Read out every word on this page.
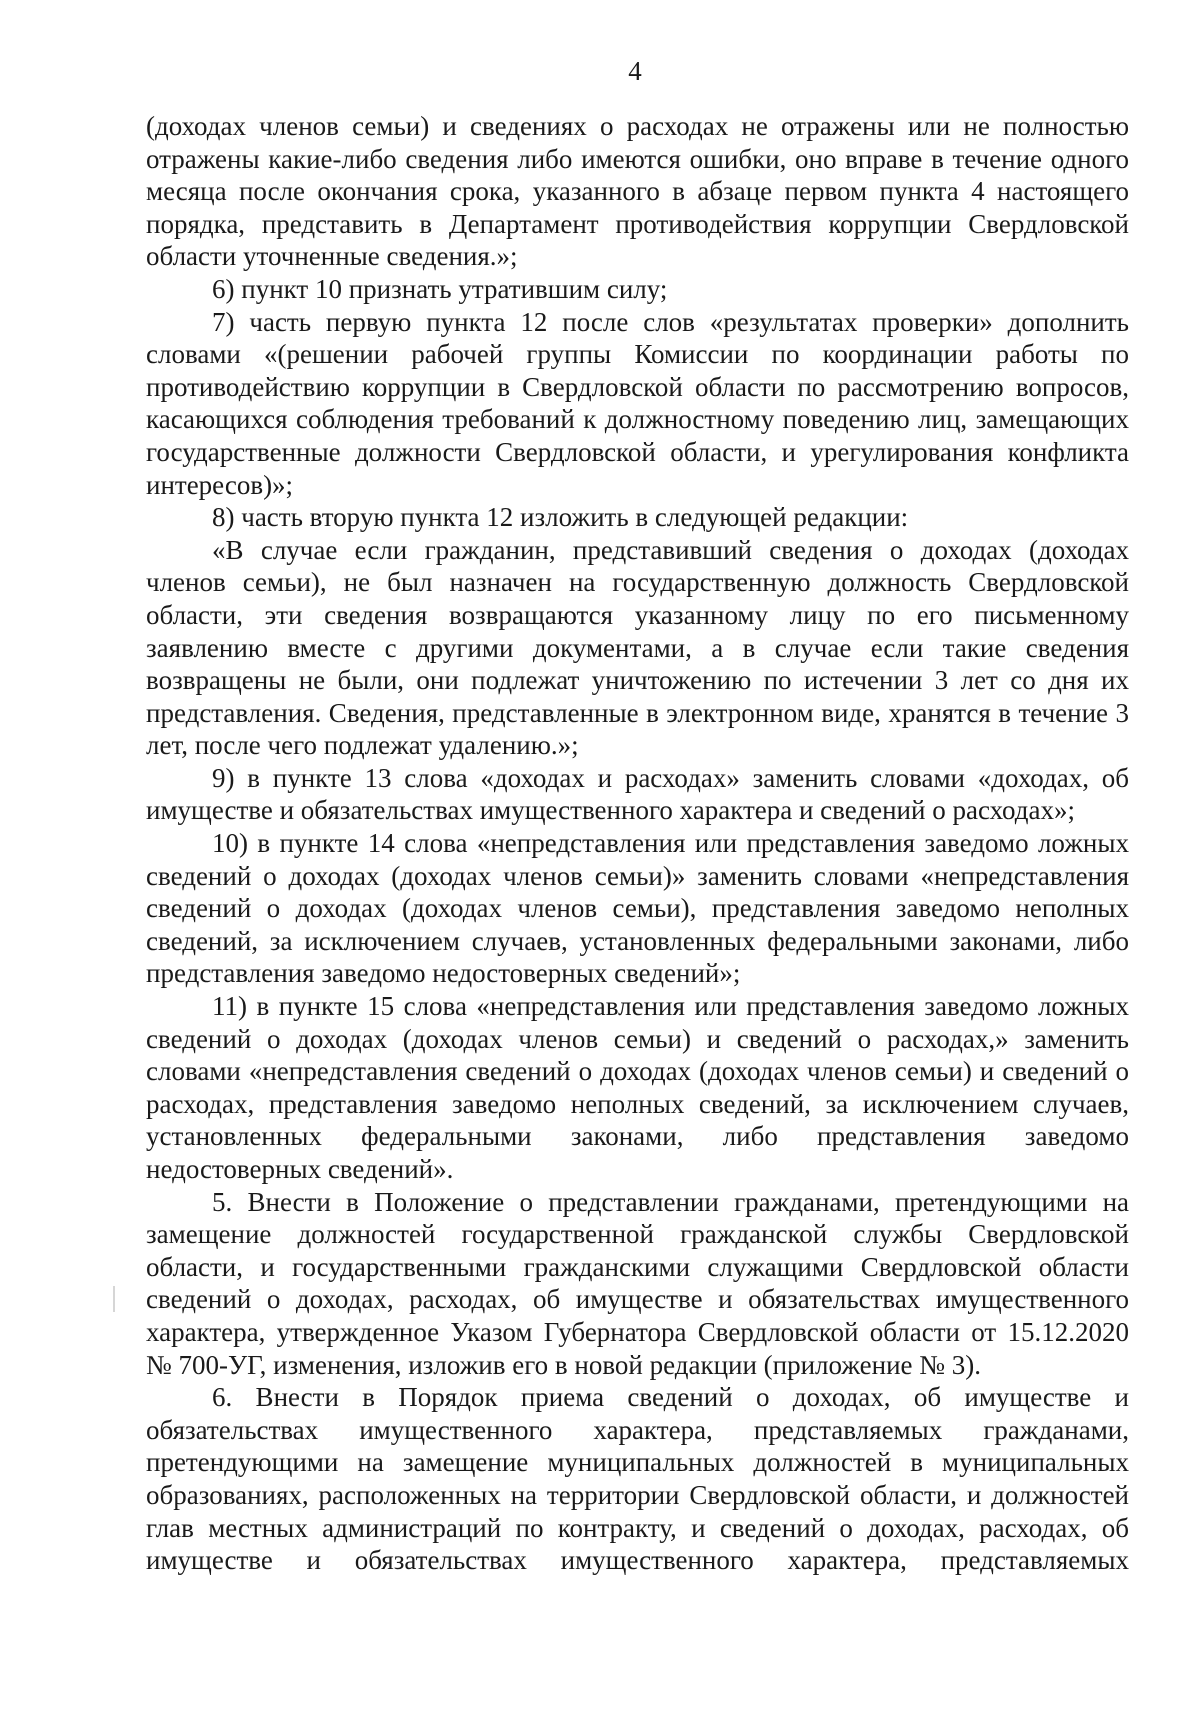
4

(доходах членов семьи) и сведениях о расходах не отражены или не полностью отражены какие-либо сведения либо имеются ошибки, оно вправе в течение одного месяца после окончания срока, указанного в абзаце первом пункта 4 настоящего порядка, представить в Департамент противодействия коррупции Свердловской области уточненные сведения.»;

6) пункт 10 признать утратившим силу;

7) часть первую пункта 12 после слов «результатах проверки» дополнить словами «(решении рабочей группы Комиссии по координации работы по противодействию коррупции в Свердловской области по рассмотрению вопросов, касающихся соблюдения требований к должностному поведению лиц, замещающих государственные должности Свердловской области, и урегулирования конфликта интересов)»;

8) часть вторую пункта 12 изложить в следующей редакции:

«В случае если гражданин, представивший сведения о доходах (доходах членов семьи), не был назначен на государственную должность Свердловской области, эти сведения возвращаются указанному лицу по его письменному заявлению вместе с другими документами, а в случае если такие сведения возвращены не были, они подлежат уничтожению по истечении 3 лет со дня их представления. Сведения, представленные в электронном виде, хранятся в течение 3 лет, после чего подлежат удалению.»;

9) в пункте 13 слова «доходах и расходах» заменить словами «доходах, об имуществе и обязательствах имущественного характера и сведений о расходах»;

10) в пункте 14 слова «непредставления или представления заведомо ложных сведений о доходах (доходах членов семьи)» заменить словами «непредставления сведений о доходах (доходах членов семьи), представления заведомо неполных сведений, за исключением случаев, установленных федеральными законами, либо представления заведомо недостоверных сведений»;

11) в пункте 15 слова «непредставления или представления заведомо ложных сведений о доходах (доходах членов семьи) и сведений о расходах,» заменить словами «непредставления сведений о доходах (доходах членов семьи) и сведений о расходах, представления заведомо неполных сведений, за исключением случаев, установленных федеральными законами, либо представления заведомо недостоверных сведений».

5. Внести в Положение о представлении гражданами, претендующими на замещение должностей государственной гражданской службы Свердловской области, и государственными гражданскими служащими Свердловской области сведений о доходах, расходах, об имуществе и обязательствах имущественного характера, утвержденное Указом Губернатора Свердловской области от 15.12.2020 № 700-УГ, изменения, изложив его в новой редакции (приложение № 3).

6. Внести в Порядок приема сведений о доходах, об имуществе и обязательствах имущественного характера, представляемых гражданами, претендующими на замещение муниципальных должностей в муниципальных образованиях, расположенных на территории Свердловской области, и должностей глав местных администраций по контракту, и сведений о доходах, расходах, об имуществе и обязательствах имущественного характера, представляемых
